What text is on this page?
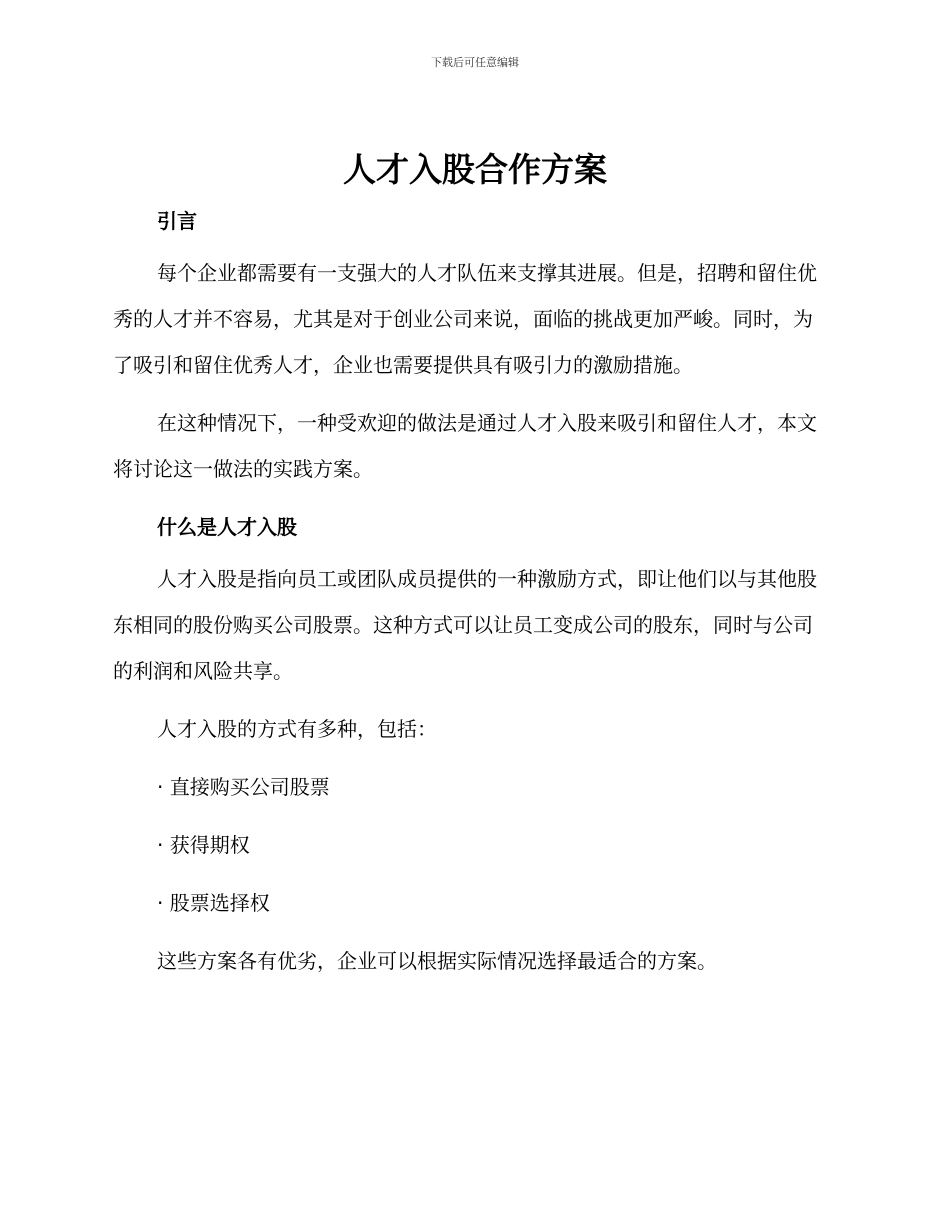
下载后可任意编辑
人才入股合作方案
引言

每个企业都需要有一支强大的人才队伍来支撑其进展。但是，招聘和留住优秀的人才并不容易，尤其是对于创业公司来说，面临的挑战更加严峻。同时，为了吸引和留住优秀人才，企业也需要提供具有吸引力的激励措施。

在这种情况下，一种受欢迎的做法是通过人才入股来吸引和留住人才，本文将讨论这一做法的实践方案。

什么是人才入股

人才入股是指向员工或团队成员提供的一种激励方式，即让他们以与其他股东相同的股份购买公司股票。这种方式可以让员工变成公司的股东，同时与公司的利润和风险共享。

人才入股的方式有多种，包括：

· 直接购买公司股票

· 获得期权

· 股票选择权

这些方案各有优劣，企业可以根据实际情况选择最适合的方案。
